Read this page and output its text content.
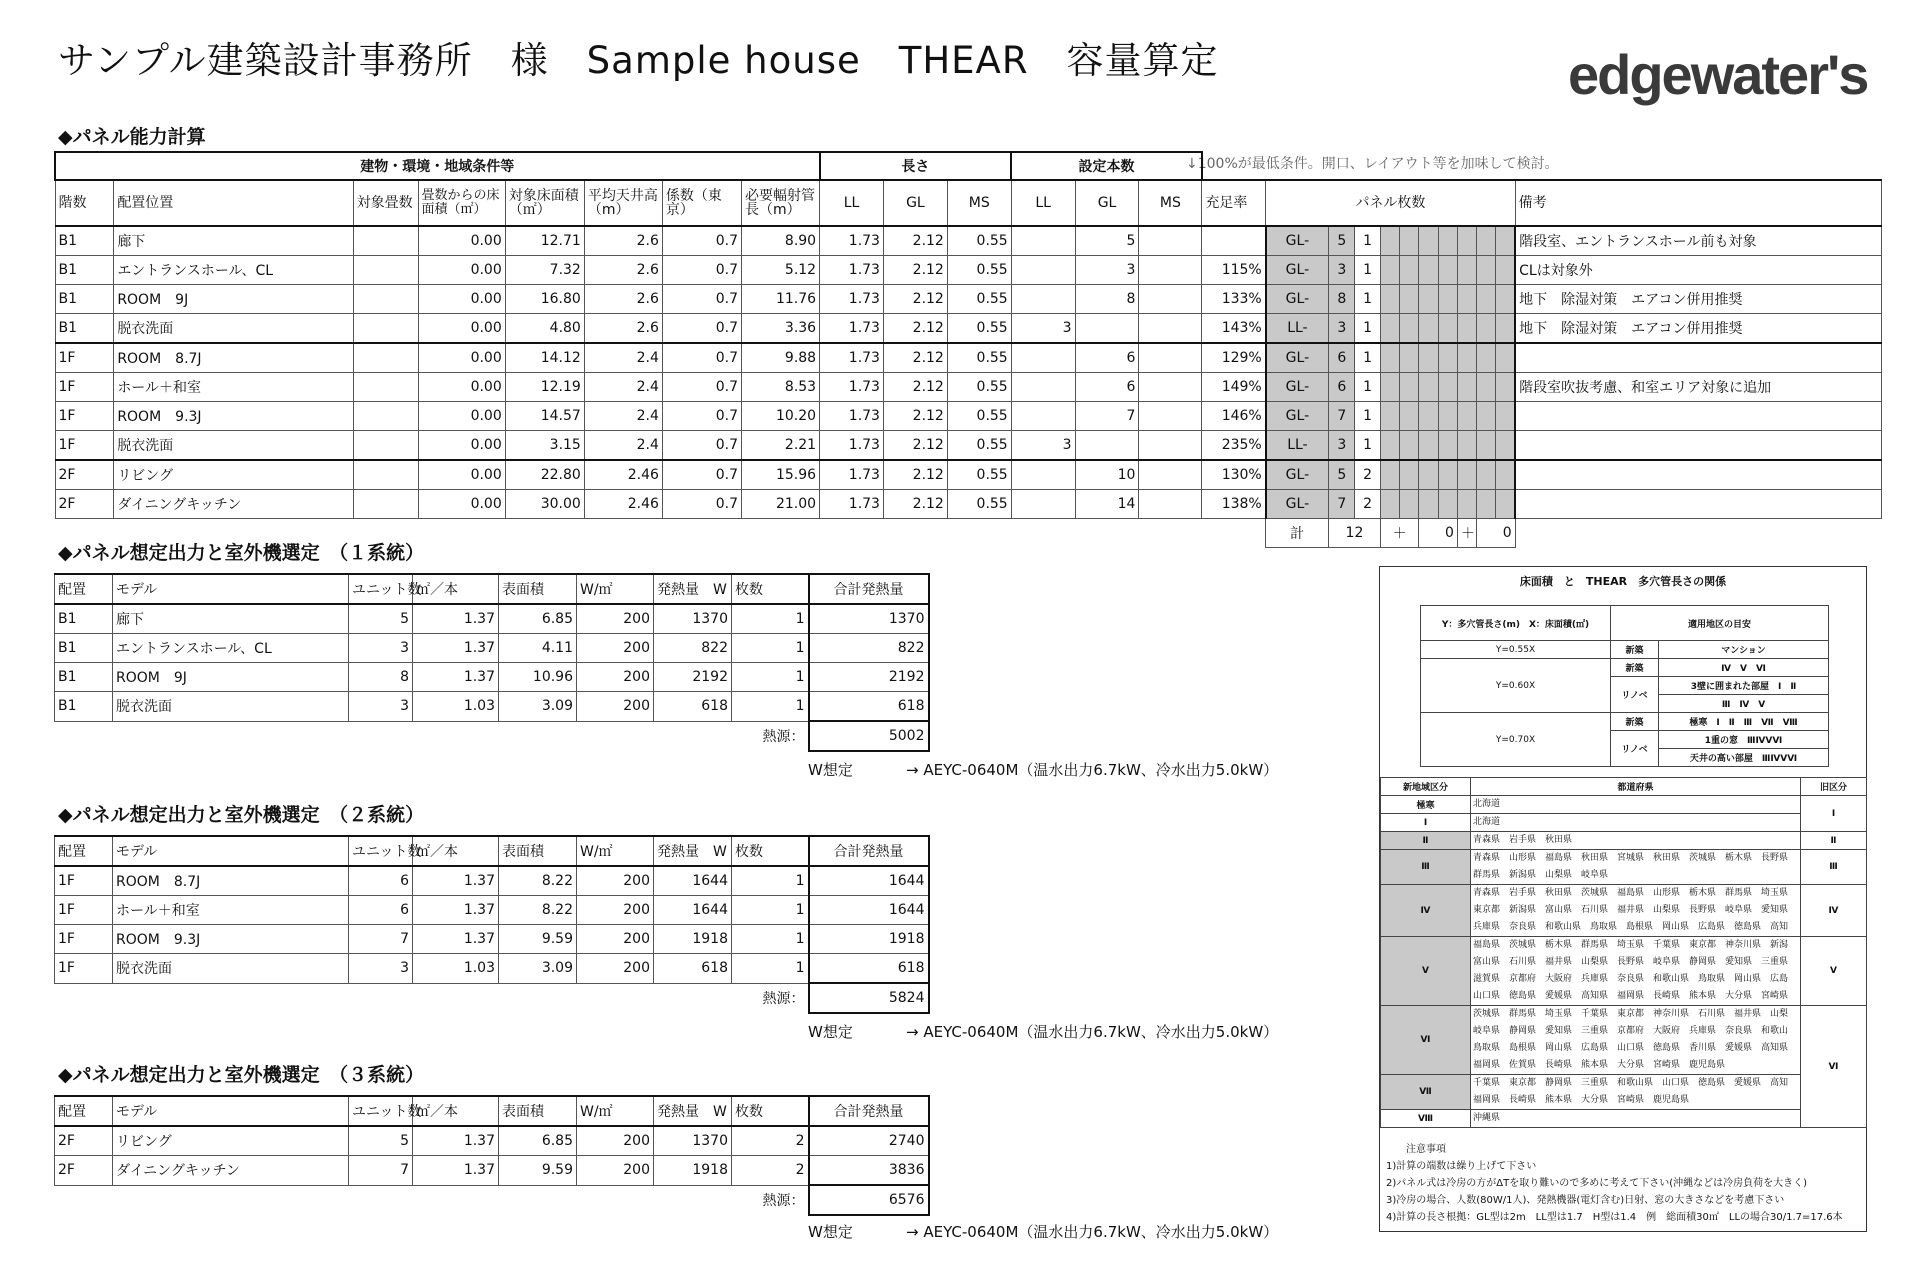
サンプル建築設計事務所　様　Sample house　THEAR　容量算定	edgewater's
◆パネル能力計算
↓100%が最低条件。開口、レイアウト等を加味して検討。
建物・環境・地域条件等								長さ			設定本数														
階数	配置位置	対象畳数	畳数からの床面積（㎡）	対象床面積（㎡）	平均天井高（m）	係数（東京）	必要輻射管長（m）	LL	GL	MS	LL	GL	MS	充足率	パネル枚数										備考
B1	廊下		0.00	12.71	2.6	0.7	8.90	1.73	2.12	0.55		5			GL-	5	1								階段室、エントランスホール前も対象
B1	エントランスホール、CL		0.00	7.32	2.6	0.7	5.12	1.73	2.12	0.55		3		115%	GL-	3	1								CLは対象外
B1	ROOM　9J		0.00	16.80	2.6	0.7	11.76	1.73	2.12	0.55		8		133%	GL-	8	1								地下　除湿対策　エアコン併用推奨
B1	脱衣洗面		0.00	4.80	2.6	0.7	3.36	1.73	2.12	0.55	3			143%	LL-	3	1								地下　除湿対策　エアコン併用推奨
1F	ROOM　8.7J		0.00	14.12	2.4	0.7	9.88	1.73	2.12	0.55		6		129%	GL-	6	1								
1F	ホール＋和室		0.00	12.19	2.4	0.7	8.53	1.73	2.12	0.55		6		149%	GL-	6	1								階段室吹抜考慮、和室エリア対象に追加
1F	ROOM　9.3J		0.00	14.57	2.4	0.7	10.20	1.73	2.12	0.55		7		146%	GL-	7	1								
1F	脱衣洗面		0.00	3.15	2.4	0.7	2.21	1.73	2.12	0.55	3			235%	LL-	3	1								
2F	リビング		0.00	22.80	2.46	0.7	15.96	1.73	2.12	0.55		10		130%	GL-	5	2								
2F	ダイニングキッチン		0.00	30.00	2.46	0.7	21.00	1.73	2.12	0.55		14		138%	GL-	7	2								
															計	12		＋		0		＋	0		
◆パネル想定出力と室外機選定　（１系統）
配置	モデル	ユニット数	㎡／本	表面積	W/㎡	発熱量　W	枚数	合計発熱量
B1	廊下	5	1.37	6.85	200	1370	1	1370
B1	エントランスホール、CL	3	1.37	4.11	200	822	1	822
B1	ROOM　9J	8	1.37	10.96	200	2192	1	2192
B1	脱衣洗面	3	1.03	3.09	200	618	1	618
熱源：								5002
W想定	→ AEYC-0640M（温水出力6.7kW、冷水出力5.0kW）
◆パネル想定出力と室外機選定　（２系統）
配置	モデル	ユニット数	㎡／本	表面積	W/㎡	発熱量　W	枚数	合計発熱量
1F	ROOM　8.7J	6	1.37	8.22	200	1644	1	1644
1F	ホール＋和室	6	1.37	8.22	200	1644	1	1644
1F	ROOM　9.3J	7	1.37	9.59	200	1918	1	1918
1F	脱衣洗面	3	1.03	3.09	200	618	1	618
熱源：								5824
W想定	→ AEYC-0640M（温水出力6.7kW、冷水出力5.0kW）
◆パネル想定出力と室外機選定　（３系統）
配置	モデル	ユニット数	㎡／本	表面積	W/㎡	発熱量　W	枚数	合計発熱量
2F	リビング	5	1.37	6.85	200	1370	2	2740
2F	ダイニングキッチン	7	1.37	9.59	200	1918	2	3836
熱源：								6576
W想定	→ AEYC-0640M（温水出力6.7kW、冷水出力5.0kW）
床面積　と　THEAR　多穴管長さの関係
Y：多穴管長さ(m)　X：床面積(㎡)	適用地区の目安	
Y=0.55X	新築	マンション
Y=0.60X	新築	Ⅳ　Ⅴ　Ⅵ
	リノベ	3壁に囲まれた部屋　Ⅰ　Ⅱ
		Ⅲ　Ⅳ　Ⅴ
Y=0.70X	新築	極寒　Ⅰ　Ⅱ　Ⅲ　Ⅶ　Ⅷ
	リノベ	1重の窓　ⅢⅣⅤⅥ
		天井の高い部屋　ⅢⅣⅤⅥ
新地域区分	都道府県	旧区分
極寒	北海道	Ⅰ
Ⅰ	北海道	
Ⅱ	青森県　岩手県　秋田県	Ⅱ
Ⅲ	青森県　山形県　福島県　秋田県　宮城県　秋田県　茨城県　栃木県　長野県　群馬県　新潟県　山梨県　岐阜県	Ⅲ
Ⅳ	青森県　岩手県　秋田県　茨城県　福島県　山形県　栃木県　群馬県　埼玉県　東京都　新潟県　富山県　石川県　福井県　山梨県　長野県　岐阜県　愛知県　兵庫県　奈良県　和歌山県　鳥取県　島根県　岡山県　広島県　徳島県　高知	Ⅳ
Ⅴ	福島県　茨城県　栃木県　群馬県　埼玉県　千葉県　東京都　神奈川県　新潟　富山県　石川県　福井県　山梨県　長野県　岐阜県　静岡県　愛知県　三重県　滋賀県　京都府　大阪府　兵庫県　奈良県　和歌山県　鳥取県　岡山県　広島　山口県　徳島県　愛媛県　高知県　福岡県　長崎県　熊本県　大分県　宮崎県	Ⅴ
Ⅵ	茨城県　群馬県　埼玉県　千葉県　東京都　神奈川県　石川県　福井県　山梨　岐阜県　静岡県　愛知県　三重県　京都府　大阪府　兵庫県　奈良県　和歌山　鳥取県　島根県　岡山県　広島県　山口県　徳島県　香川県　愛媛県　高知県　福岡県　佐賀県　長崎県　熊本県　大分県　宮崎県　鹿児島県	Ⅵ
Ⅶ	千葉県　東京都　静岡県　三重県　和歌山県　山口県　徳島県　愛媛県　高知　福岡県　長崎県　熊本県　大分県　宮崎県　鹿児島県	
Ⅷ	沖縄県	
注意事項
1)計算の端数は繰り上げて下さい
2)パネル式は冷房の方がΔTを取り難いので多めに考えて下さい(沖縄などは冷房負荷を大きく)
3)冷房の場合、人数(80W/1人)、発熱機器(電灯含む)日射、窓の大きさなどを考慮下さい
4)計算の長さ根拠：GL型は2m　LL型は1.7　H型は1.4　例　総面積30㎡　LLの場合30/1.7=17.6本
